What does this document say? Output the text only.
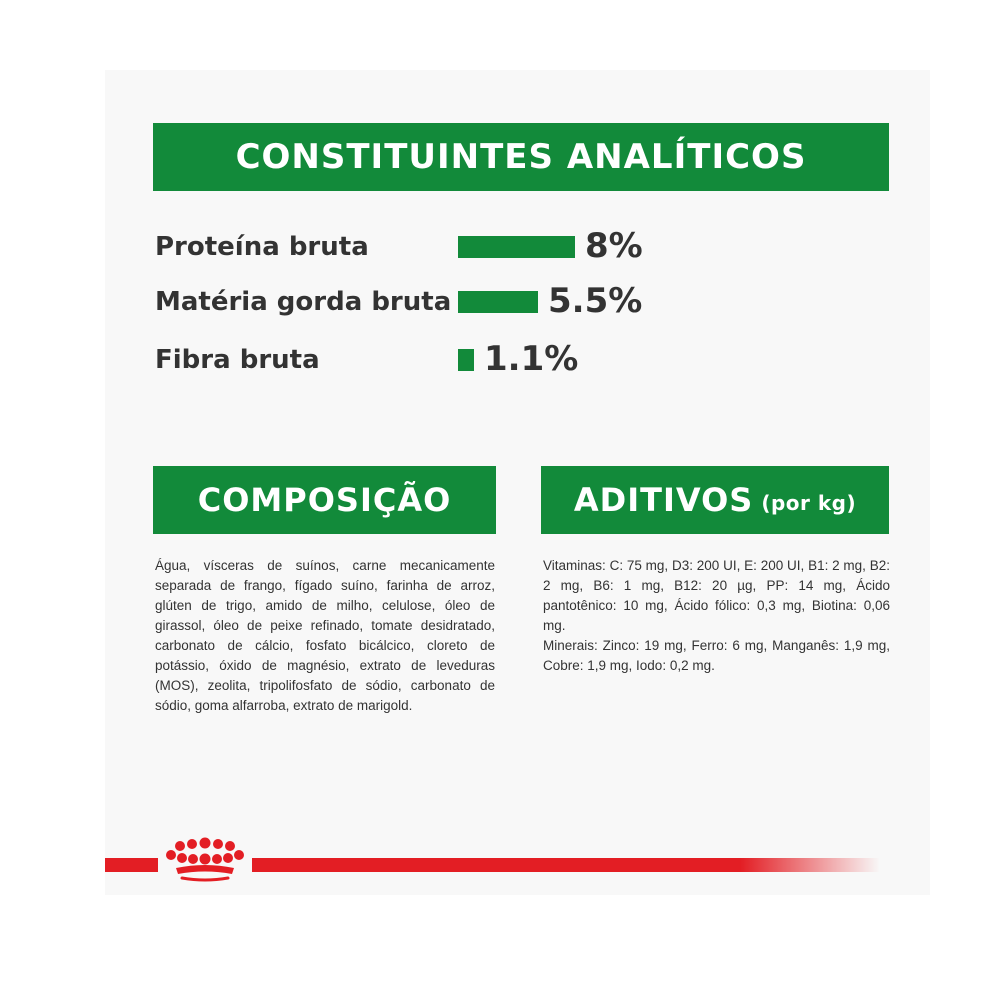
CONSTITUINTES ANALÍTICOS
Proteína bruta	8%
Matéria gorda bruta	5.5%
Fibra bruta	1.1%
COMPOSIÇÃO	ADITIVOS (por kg)
Água, vísceras de suínos, carne mecanicamente separada de frango, fígado suíno, farinha de arroz, glúten de trigo, amido de milho, celulose, óleo de girassol, óleo de peixe refinado, tomate desidratado, carbonato de cálcio, fosfato bicálcico, cloreto de potássio, óxido de magnésio, extrato de leveduras (MOS), zeolita, tripolifosfato de sódio, carbonato de sódio, goma alfarroba, extrato de marigold.
Vitaminas: C: 75 mg, D3: 200 UI, E: 200 UI, B1: 2 mg, B2: 2 mg, B6: 1 mg, B12: 20 µg, PP: 14 mg, Ácido pantotênico: 10 mg, Ácido fólico: 0,3 mg, Biotina: 0,06 mg.
Minerais: Zinco: 19 mg, Ferro: 6 mg, Manganês: 1,9 mg, Cobre: 1,9 mg, Iodo: 0,2 mg.
